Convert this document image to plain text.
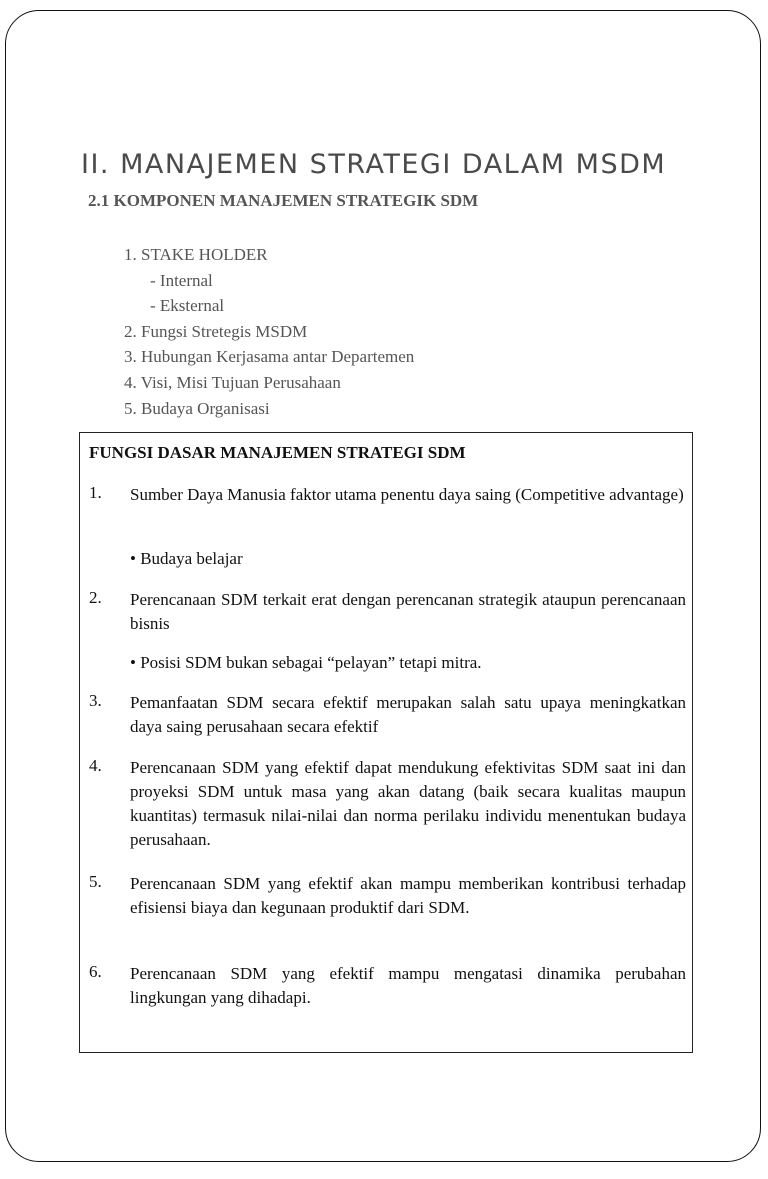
II. MANAJEMEN STRATEGI DALAM MSDM
2.1 KOMPONEN MANAJEMEN STRATEGIK SDM
1. STAKE HOLDER
- Internal
- Eksternal
2. Fungsi Stretegis MSDM
3. Hubungan Kerjasama antar Departemen
4. Visi, Misi Tujuan Perusahaan
5. Budaya Organisasi
FUNGSI DASAR MANAJEMEN STRATEGI SDM
1. Sumber Daya Manusia faktor utama penentu daya saing (Competitive advantage)
• Budaya belajar
2. Perencanaan SDM terkait erat dengan perencanan strategik ataupun perencanaan bisnis
• Posisi SDM bukan sebagai “pelayan” tetapi mitra.
3. Pemanfaatan SDM secara efektif merupakan salah satu upaya meningkatkan daya saing perusahaan secara efektif
4. Perencanaan SDM yang efektif dapat mendukung efektivitas SDM saat ini dan proyeksi SDM untuk masa yang akan datang (baik secara kualitas maupun kuantitas) termasuk nilai-nilai dan norma perilaku individu menentukan budaya perusahaan.
5. Perencanaan SDM yang efektif akan mampu memberikan kontribusi terhadap efisiensi biaya dan kegunaan produktif dari SDM.
6. Perencanaan SDM yang efektif mampu mengatasi dinamika perubahan lingkungan yang dihadapi.
